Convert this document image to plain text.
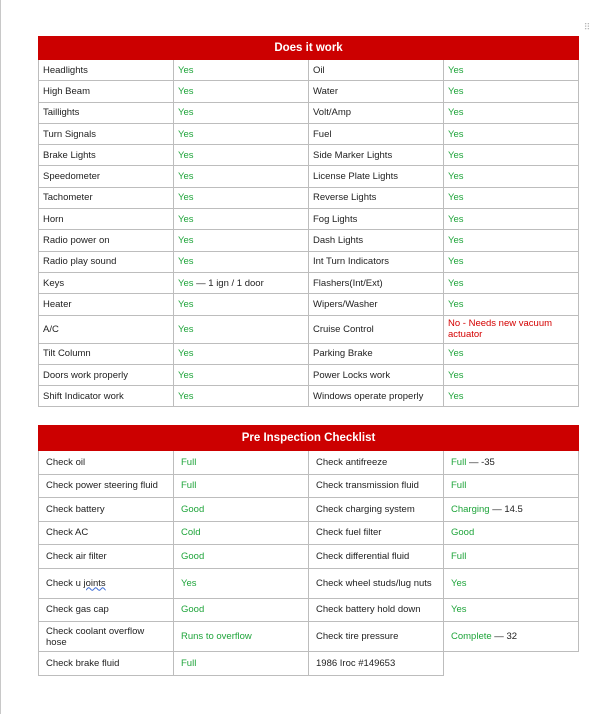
⠿
Does it work			
Headlights	Yes	Oil	Yes
High Beam	Yes	Water	Yes
Taillights	Yes	Volt/Amp	Yes
Turn Signals	Yes	Fuel	Yes
Brake Lights	Yes	Side Marker Lights	Yes
Speedometer	Yes	License Plate Lights	Yes
Tachometer	Yes	Reverse Lights	Yes
Horn	Yes	Fog Lights	Yes
Radio power on	Yes	Dash Lights	Yes
Radio play sound	Yes	Int Turn Indicators	Yes
Keys	Yes — 1 ign / 1 door	Flashers(Int/Ext)	Yes
Heater	Yes	Wipers/Washer	Yes
A/C	Yes	Cruise Control	No - Needs new vacuum actuator
Tilt Column	Yes	Parking Brake	Yes
Doors work properly	Yes	Power Locks work	Yes
Shift Indicator work	Yes	Windows operate properly	Yes
Pre Inspection Checklist			
Check oil	Full	Check antifreeze	Full — -35
Check power steering fluid	Full	Check transmission fluid	Full
Check battery	Good	Check charging system	Charging — 14.5
Check AC	Cold	Check fuel filter	Good
Check air filter	Good	Check differential fluid	Full
Check u joints	Yes	Check wheel studs/lug nuts	Yes
Check gas cap	Good	Check battery hold down	Yes
Check coolant overflow hose	Runs to overflow	Check tire pressure	Complete — 32
Check brake fluid	Full	1986 Iroc #149653	
